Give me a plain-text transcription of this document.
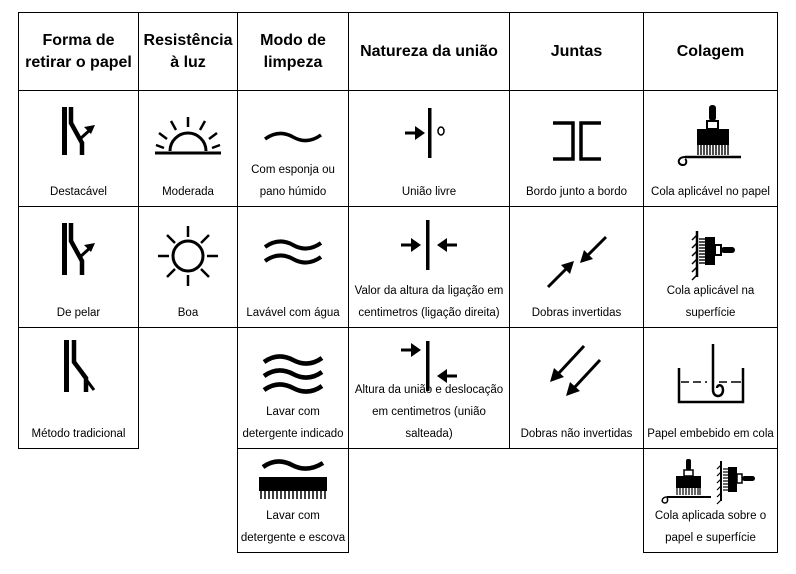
Forma de retirar o papel
Resistência à luz
Modo de limpeza
Natureza da união	Juntas	Colagem
Destacável
De pelar
Método tradicional
Moderada
Boa
Com esponja ou pano húmido
Lavável com água
Lavar com detergente indicado
Lavar com detergente e escova
União livre
Valor da altura da ligação em centimetros (ligação direita)
Altura da união e deslocação em centimetros (união salteada)
Bordo junto a bordo
Dobras invertidas
Dobras não invertidas
Cola aplicável no papel
Cola aplicável na superfície
Papel embebido em cola
Cola aplicada sobre o papel e superfície
